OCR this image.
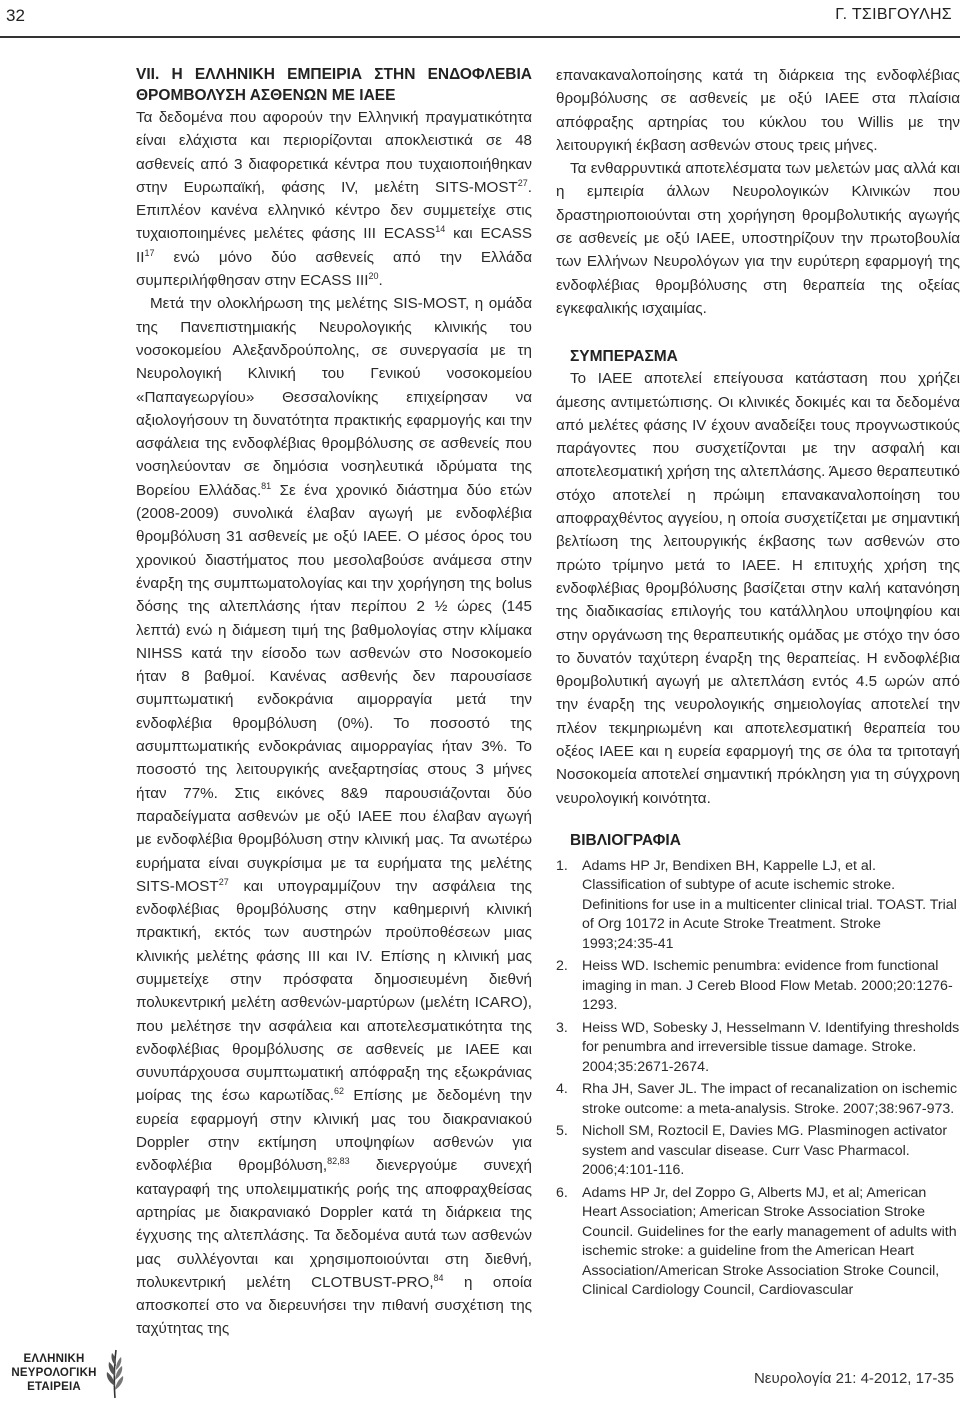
32	Γ. ΤΣΙΒΓΟΥΛΗΣ
VII. Η ΕΛΛΗΝΙΚΗ ΕΜΠΕΙΡΙΑ ΣΤΗΝ ΕΝΔΟΦΛΕΒΙΑ ΘΡΟΜΒΟΛΥΣΗ ΑΣΘΕΝΩΝ ΜΕ ΙΑΕΕ

Τα δεδομένα που αφορούν την Ελληνική πραγματικότητα είναι ελάχιστα και περιορίζονται αποκλειστικά σε 48 ασθενείς από 3 διαφορετικά κέντρα που τυχαιοποιήθηκαν στην Ευρωπαϊκή, φάσης IV, μελέτη SITS-MOST$^{27}$. Επιπλέον κανένα ελληνικό κέντρο δεν συμμετείχε στις τυχαιοποιημένες μελέτες φάσης III ECASS$^{14}$ και ECASS II$^{17}$ ενώ μόνο δύο ασθενείς από την Ελλάδα συμπεριλήφθησαν στην ECASS III$^{20}$.

Μετά την ολοκλήρωση της μελέτης SIS-MOST, η ομάδα της Πανεπιστημιακής Νευρολογικής κλινικής του νοσοκομείου Αλεξανδρούπολης, σε συνεργασία με τη Νευρολογική Κλινική του Γενικού νοσοκομείου «Παπαγεωργίου» Θεσσαλονίκης επιχείρησαν να αξιολογήσουν τη δυνατότητα πρακτικής εφαρμογής και την ασφάλεια της ενδοφλέβιας θρομβόλυσης σε ασθενείς που νοσηλεύονταν σε δημόσια νοσηλευτικά ιδρύματα της Βορείου Ελλάδας.$^{81}$ Σε ένα χρονικό διάστημα δύο ετών (2008-2009) συνολικά έλαβαν αγωγή με ενδοφλέβια θρομβόλυση 31 ασθενείς με οξύ ΙΑΕΕ. Ο μέσος όρος του χρονικού διαστήματος που μεσολαβούσε ανάμεσα στην έναρξη της συμπτωματολογίας και την χορήγηση της bolus δόσης της αλτεπλάσης ήταν περίπου 2 ½ ώρες (145 λεπτά) ενώ η διάμεση τιμή της βαθμολογίας στην κλίμακα NIHSS κατά την είσοδο των ασθενών στο Νοσοκομείο ήταν 8 βαθμοί. Κανένας ασθενής δεν παρουσίασε συμπτωματική ενδοκράνια αιμορραγία μετά την ενδοφλέβια θρομβόλυση (0%). Το ποσοστό της ασυμπτωματικής ενδοκράνιας αιμορραγίας ήταν 3%. Το ποσοστό της λειτουργικής ανεξαρτησίας στους 3 μήνες ήταν 77%. Στις εικόνες 8&9 παρουσιάζονται δύο παραδείγματα ασθενών με οξύ ΙΑΕΕ που έλαβαν αγωγή με ενδοφλέβια θρομβόλυση στην κλινική μας. Τα ανωτέρω ευρήματα είναι συγκρίσιμα με τα ευρήματα της μελέτης SITS-MOST$^{27}$ και υπογραμμίζουν την ασφάλεια της ενδοφλέβιας θρομβόλυσης στην καθημερινή κλινική πρακτική, εκτός των αυστηρών προϋποθέσεων μιας κλινικής μελέτης φάσης III και IV. Επίσης η κλινική μας συμμετείχε στην πρόσφατα δημοσιευμένη διεθνή πολυκεντρική μελέτη ασθενών-μαρτύρων (μελέτη ICARO), που μελέτησε την ασφάλεια και αποτελεσματικότητα της ενδοφλέβιας θρομβόλυσης σε ασθενείς με ΙΑΕΕ και συνυπάρχουσα συμπτωματική απόφραξη της εξωκράνιας μοίρας της έσω καρωτίδας.$^{62}$ Επίσης με δεδομένη την ευρεία εφαρμογή στην κλινική μας του διακρανιακού Doppler στην εκτίμηση υποψηφίων ασθενών για ενδοφλέβια θρομβόλυση,$^{82,83}$ διενεργούμε συνεχή καταγραφή της υπολειμματικής ροής της αποφραχθείσας αρτηρίας με διακρανιακό Doppler κατά τη διάρκεια της έγχυσης της αλτεπλάσης. Τα δεδομένα αυτά των ασθενών μας συλλέγονται και χρησιμοποιούνται στη διεθνή, πολυκεντρική μελέτη CLOTBUST-PRO,$^{84}$ η οποία αποσκοπεί στο να διερευνήσει την πιθανή συσχέτιση της ταχύτητας της

επανακαναλοποίησης κατά τη διάρκεια της ενδοφλέβιας θρομβόλυσης σε ασθενείς με οξύ ΙΑΕΕ στα πλαίσια απόφραξης αρτηρίας του κύκλου του Willis με την λειτουργική έκβαση ασθενών στους τρεις μήνες.

Τα ενθαρρυντικά αποτελέσματα των μελετών μας αλλά και η εμπειρία άλλων Νευρολογικών Κλινικών που δραστηριοποιούνται στη χορήγηση θρομβολυτικής αγωγής σε ασθενείς με οξύ ΙΑΕΕ, υποστηρίζουν την πρωτοβουλία των Ελλήνων Νευρολόγων για την ευρύτερη εφαρμογή της ενδοφλέβιας θρομβόλυσης στη θεραπεία της οξείας εγκεφαλικής ισχαιμίας.

ΣΥΜΠΕΡΑΣΜΑ

Το ΙΑΕΕ αποτελεί επείγουσα κατάσταση που χρήζει άμεσης αντιμετώπισης. Οι κλινικές δοκιμές και τα δεδομένα από μελέτες φάσης IV έχουν αναδείξει τους προγνωστικούς παράγοντες που συσχετίζονται με την ασφαλή και αποτελεσματική χρήση της αλτεπλάσης. Άμεσο θεραπευτικό στόχο αποτελεί η πρώιμη επανακαναλοποίηση του αποφραχθέντος αγγείου, η οποία συσχετίζεται με σημαντική βελτίωση της λειτουργικής έκβασης των ασθενών στο πρώτο τρίμηνο μετά το ΙΑΕΕ. Η επιτυχής χρήση της ενδοφλέβιας θρομβόλυσης βασίζεται στην καλή κατανόηση της διαδικασίας επιλογής του κατάλληλου υποψηφίου και στην οργάνωση της θεραπευτικής ομάδας με στόχο την όσο το δυνατόν ταχύτερη έναρξη της θεραπείας. Η ενδοφλέβια θρομβολυτική αγωγή με αλτεπλάση εντός 4.5 ωρών από την έναρξη της νευρολογικής σημειολογίας αποτελεί την πλέον τεκμηριωμένη και αποτελεσματική θεραπεία του οξέος ΙΑΕΕ και η ευρεία εφαρμογή της σε όλα τα τριτοταγή Νοσοκομεία αποτελεί σημαντική πρόκληση για τη σύγχρονη νευρολογική κοινότητα.

ΒΙΒΛΙΟΓΡΑΦΙΑ
1. Adams HP Jr, Bendixen BH, Kappelle LJ, et al. Classification of subtype of acute ischemic stroke. Definitions for use in a multicenter clinical trial. TOAST. Trial of Org 10172 in Acute Stroke Treatment. Stroke 1993;24:35-41
2. Heiss WD. Ischemic penumbra: evidence from functional imaging in man. J Cereb Blood Flow Metab. 2000;20:1276-1293.
3. Heiss WD, Sobesky J, Hesselmann V. Identifying thresholds for penumbra and irreversible tissue damage. Stroke. 2004;35:2671-2674.
4. Rha JH, Saver JL. The impact of recanalization on ischemic stroke outcome: a meta-analysis. Stroke. 2007;38:967-973.
5. Nicholl SM, Roztocil E, Davies MG. Plasminogen activator system and vascular disease. Curr Vasc Pharmacol. 2006;4:101-116.
6. Adams HP Jr, del Zoppo G, Alberts MJ, et al; American Heart Association; American Stroke Association Stroke Council. Guidelines for the early management of adults with ischemic stroke: a guideline from the American Heart Association/American Stroke Association Stroke Council, Clinical Cardiology Council, Cardiovascular
ΕΛΛΗΝΙΚΗ
ΝΕΥΡΟΛΟΓΙΚΗ
ΕΤΑΙΡΕΙΑ	Νευρολογία 21: 4-2012, 17-35
